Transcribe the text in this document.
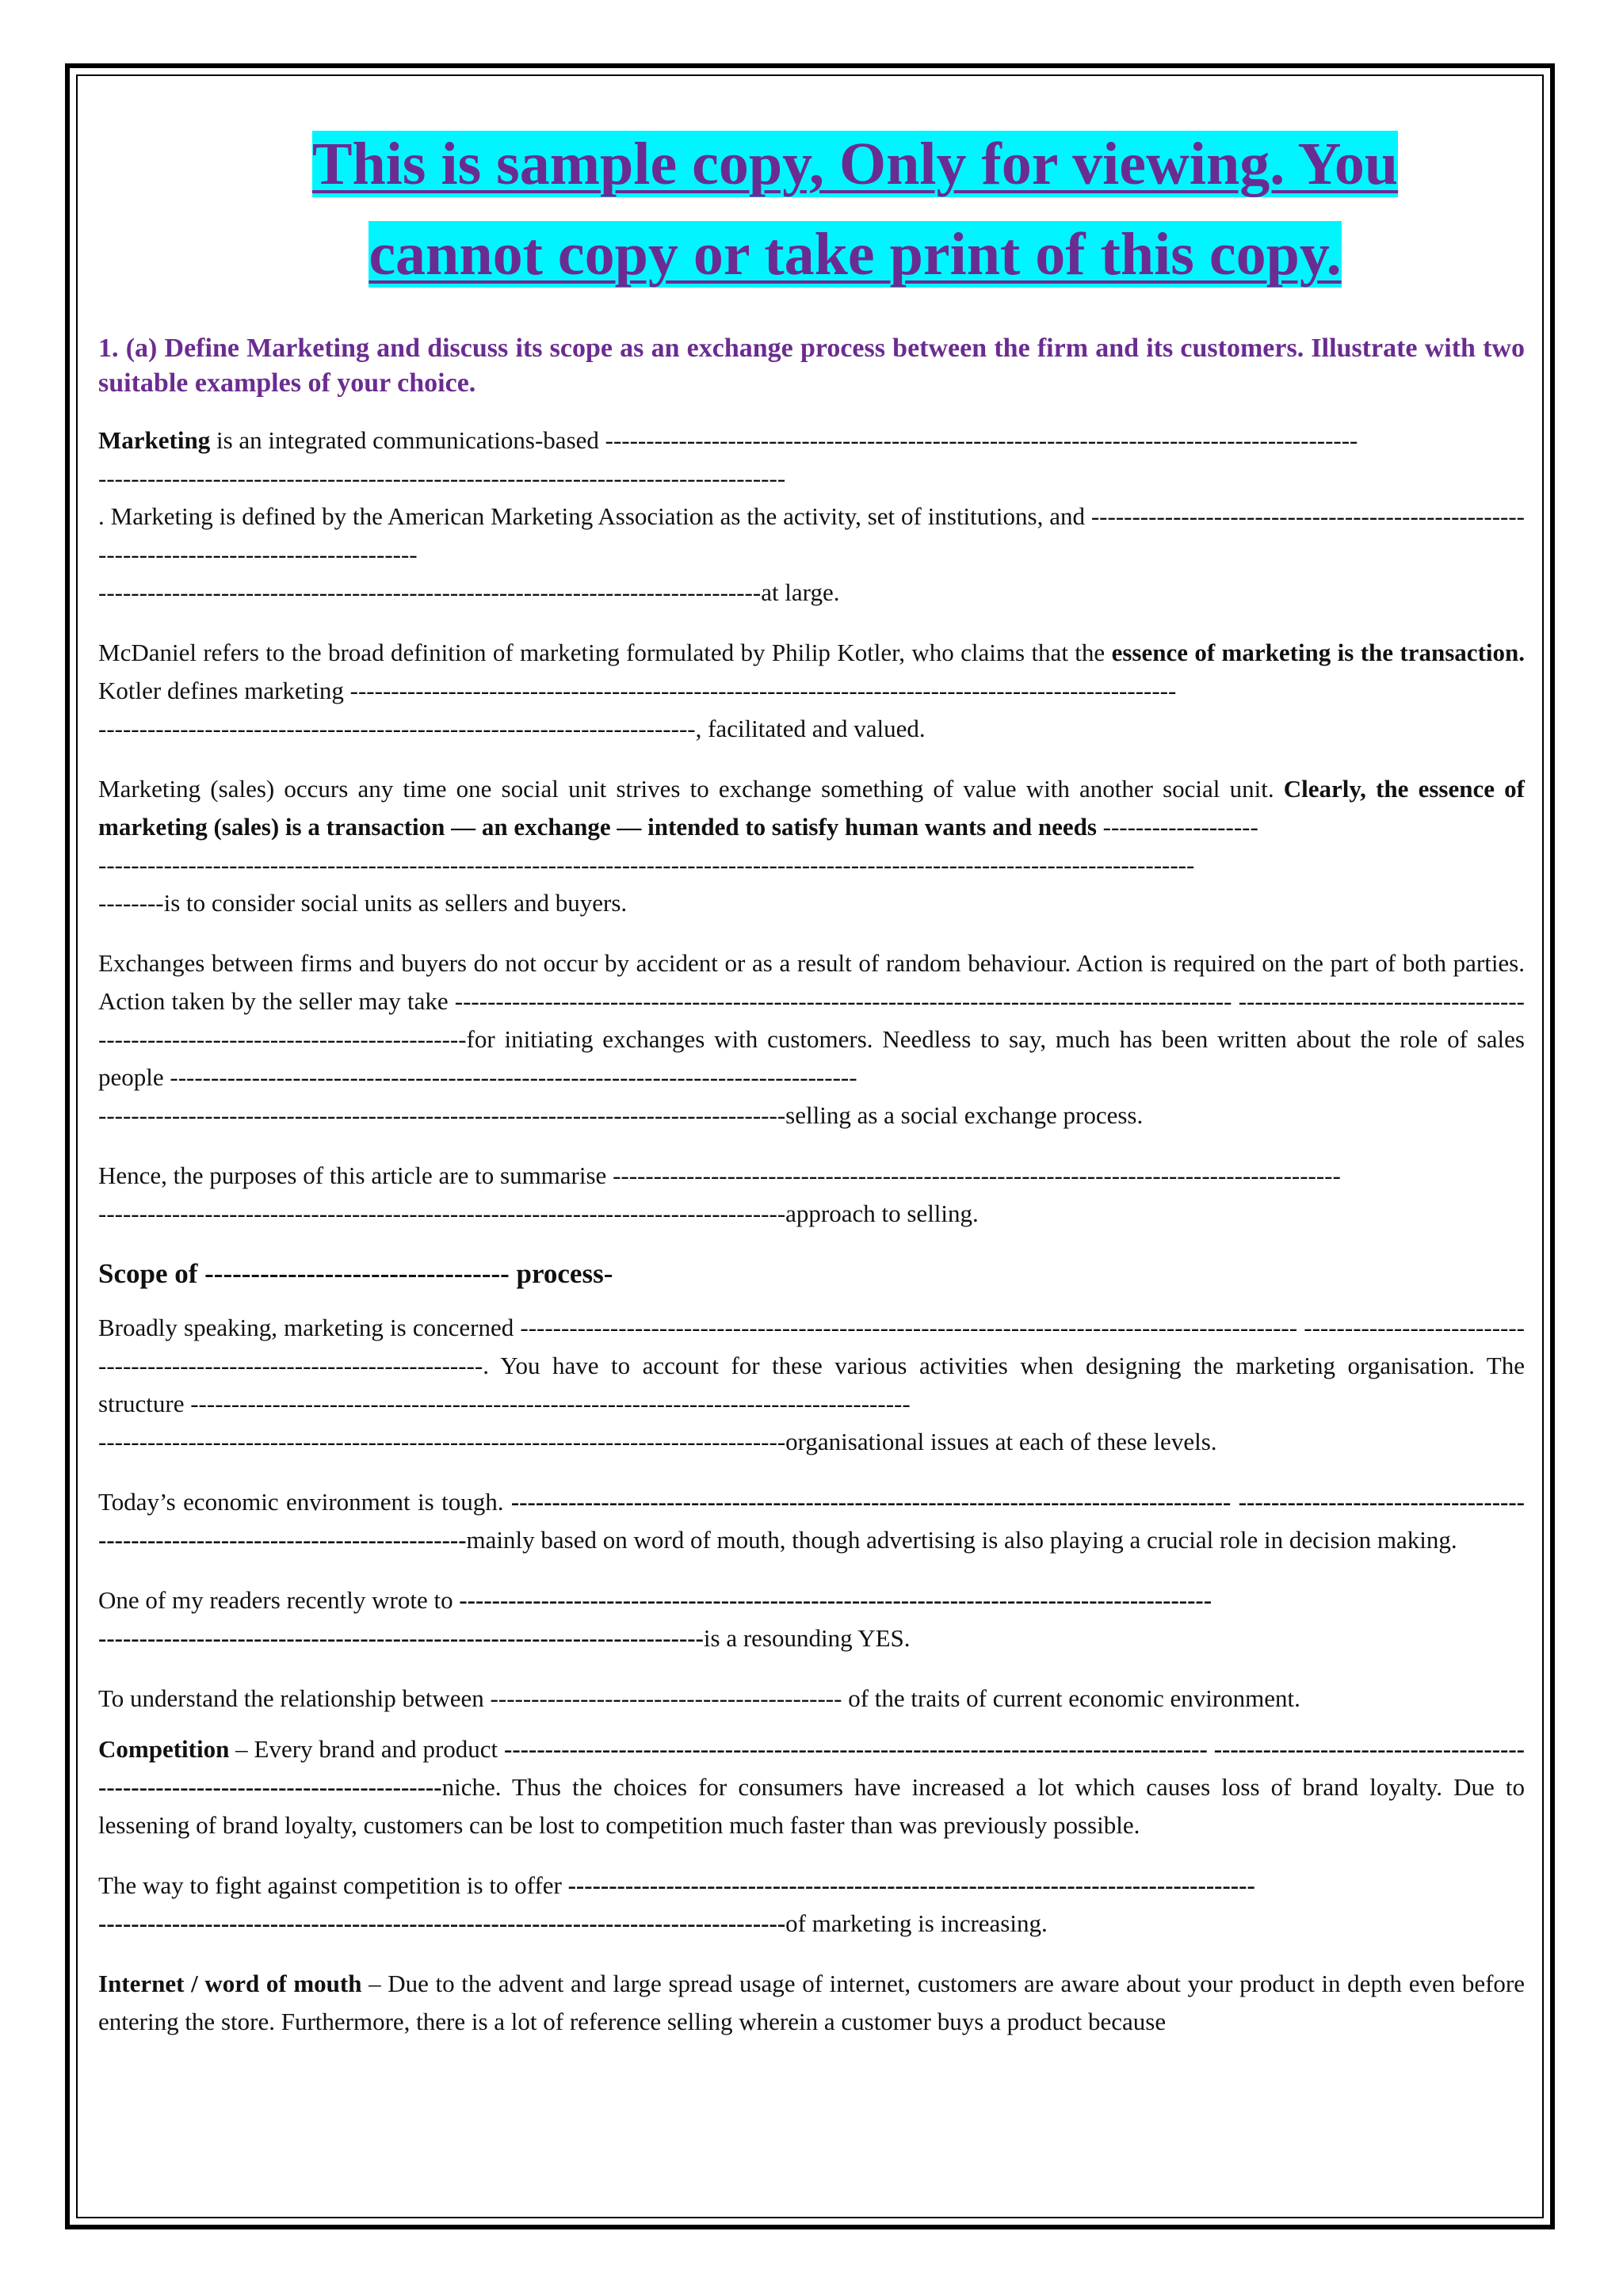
This is sample copy, Only for viewing. You
cannot copy or take print of this copy.
1. (a) Define Marketing and discuss its scope as an exchange process between the firm and its customers. Illustrate with two suitable examples of your choice.

Marketing is an integrated communications-based --------------------------------------------------------------------------------------------
------------------------------------------------------------------------------------
. Marketing is defined by the American Marketing Association as the activity, set of institutions, and --------------------------------------------------------------------------------------------
---------------------------------------------------------------------------------at large.

McDaniel refers to the broad definition of marketing formulated by Philip Kotler, who claims that the essence of marketing is the transaction. Kotler defines marketing -----------------------------------------------------------------------------------------------------
-------------------------------------------------------------------------, facilitated and valued.

Marketing (sales) occurs any time one social unit strives to exchange something of value with another social unit. Clearly, the essence of marketing (sales) is a transaction — an exchange — intended to satisfy human wants and needs -------------------
--------------------------------------------------------------------------------------------------------------------------------------
--------is to consider social units as sellers and buyers.

Exchanges between firms and buyers do not occur by accident or as a result of random behaviour. Action is required on the part of both parties. Action taken by the seller may take ----------------------------------------------------------------------------------------------- --------------------------------------------------------------------------------for initiating exchanges with customers. Needless to say, much has been written about the role of sales people ------------------------------------------------------------------------------------
------------------------------------------------------------------------------------selling as a social exchange process.

Hence, the purposes of this article are to summarise -----------------------------------------------------------------------------------------
------------------------------------------------------------------------------------approach to selling.

Scope of --------------------------------- process-

Broadly speaking, marketing is concerned ----------------------------------------------------------------------------------------------- --------------------------------------------------------------------------. You have to account for these various activities when designing the marketing organisation. The structure ----------------------------------------------------------------------------------------
------------------------------------------------------------------------------------organisational issues at each of these levels.

Today’s economic environment is tough. ---------------------------------------------------------------------------------------- --------------------------------------------------------------------------------mainly based on word of mouth, though advertising is also playing a crucial role in decision making.

One of my readers recently wrote to --------------------------------------------------------------------------------------------
--------------------------------------------------------------------------is a resounding YES.

To understand the relationship between ------------------------------------------- of the traits of current economic environment.

Competition – Every brand and product -------------------------------------------------------------------------------------- --------------------------------------------------------------------------------niche. Thus the choices for consumers have increased a lot which causes loss of brand loyalty. Due to lessening of brand loyalty, customers can be lost to competition much faster than was previously possible.

The way to fight against competition is to offer ------------------------------------------------------------------------------------
------------------------------------------------------------------------------------of marketing is increasing.

Internet / word of mouth – Due to the advent and large spread usage of internet, customers are aware about your product in depth even before entering the store. Furthermore, there is a lot of reference selling wherein a customer buys a product because
